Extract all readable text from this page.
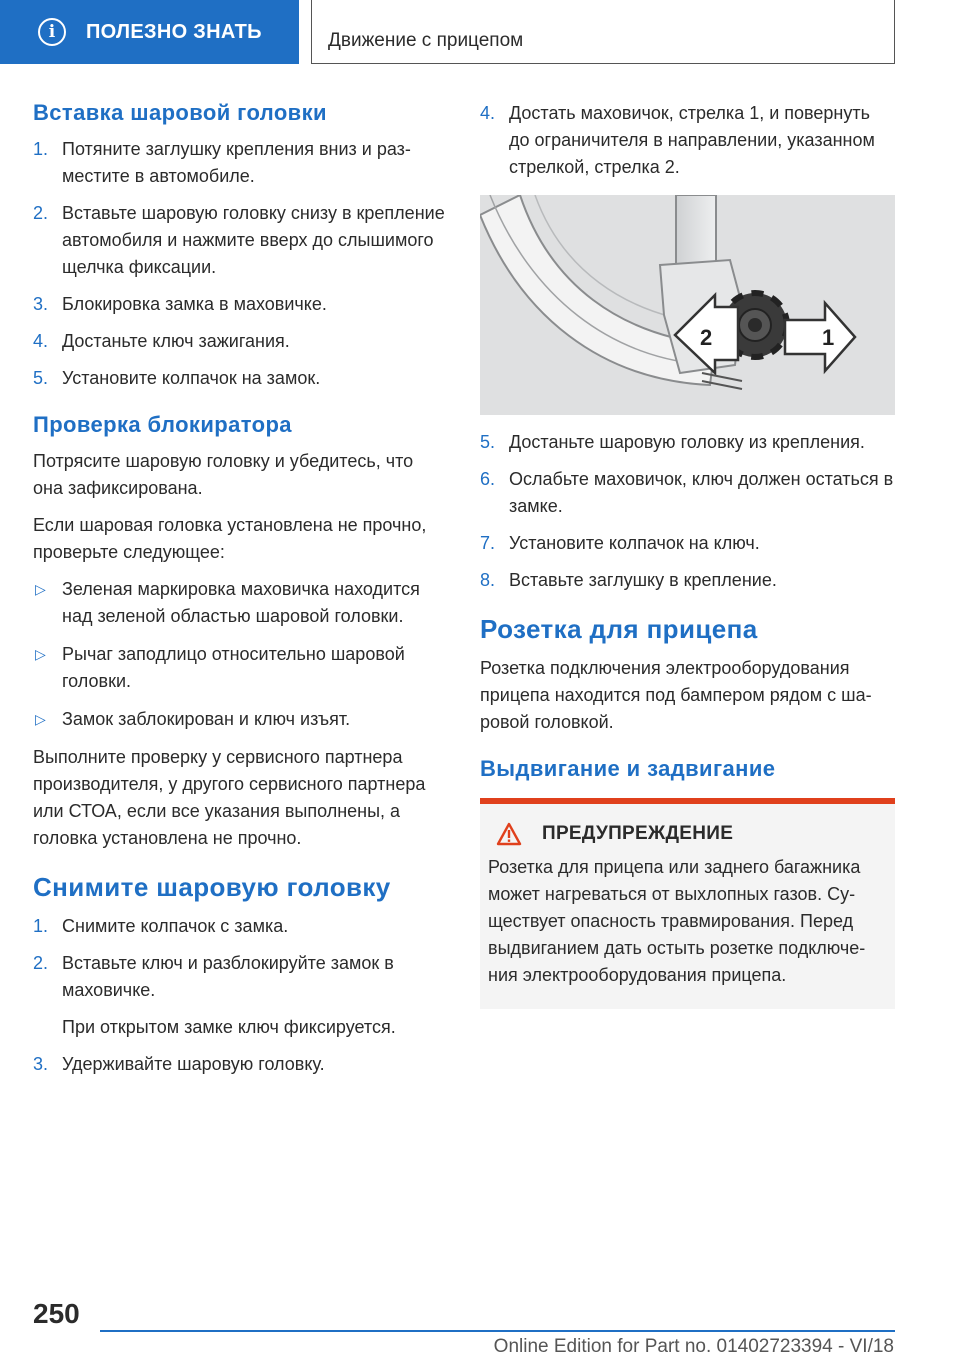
i	ПОЛЕЗНО ЗНАТЬ	Движение с прицепом
Вставка шаровой головки
1. Потяните заглушку крепления вниз и разместите в автомобиле.
2. Вставьте шаровую головку снизу в крепление автомобиля и нажмите вверх до слышимого щелчка фиксации.
3. Блокировка замка в маховичке.
4. Достаньте ключ зажигания.
5. Установите колпачок на замок.
Проверка блокиратора

Потрясите шаровую головку и убедитесь, что она зафиксирована.

Если шаровая головка установлена не прочно, проверьте следующее:

▷ Зеленая маркировка маховичка находится над зеленой областью шаровой головки.
▷ Рычаг заподлицо относительно шаровой головки.
▷ Замок заблокирован и ключ изъят.

Выполните проверку у сервисного партнера производителя, у другого сервисного партнера или СТОА, если все указания выполнены, а головка установлена не прочно.

Снимите шаровую головку
1. Снимите колпачок с замка.
2. Вставьте ключ и разблокируйте замок в маховичке.
При открытом замке ключ фиксируется.
3. Удерживайте шаровую головку.
4. Достать маховичок, стрелка 1, и повернуть до ограничителя в направлении, указанном стрелкой, стрелка 2.
2	1
5. Достаньте шаровую головку из крепления.
6. Ослабьте маховичок, ключ должен остаться в замке.
7. Установите колпачок на ключ.
8. Вставьте заглушку в крепление.
Розетка для прицепа

Розетка подключения электрооборудования прицепа находится под бампером рядом с шаровой головкой.

Выдвигание и задвигание
ПРЕДУПРЕЖДЕНИЕ

Розетка для прицепа или заднего багажника может нагреваться от выхлопных газов. Существует опасность травмирования. Перед выдвиганием дать остыть розетке подключения электрооборудования прицепа.

250
Online Edition for Part no. 01402723394 - VI/18
